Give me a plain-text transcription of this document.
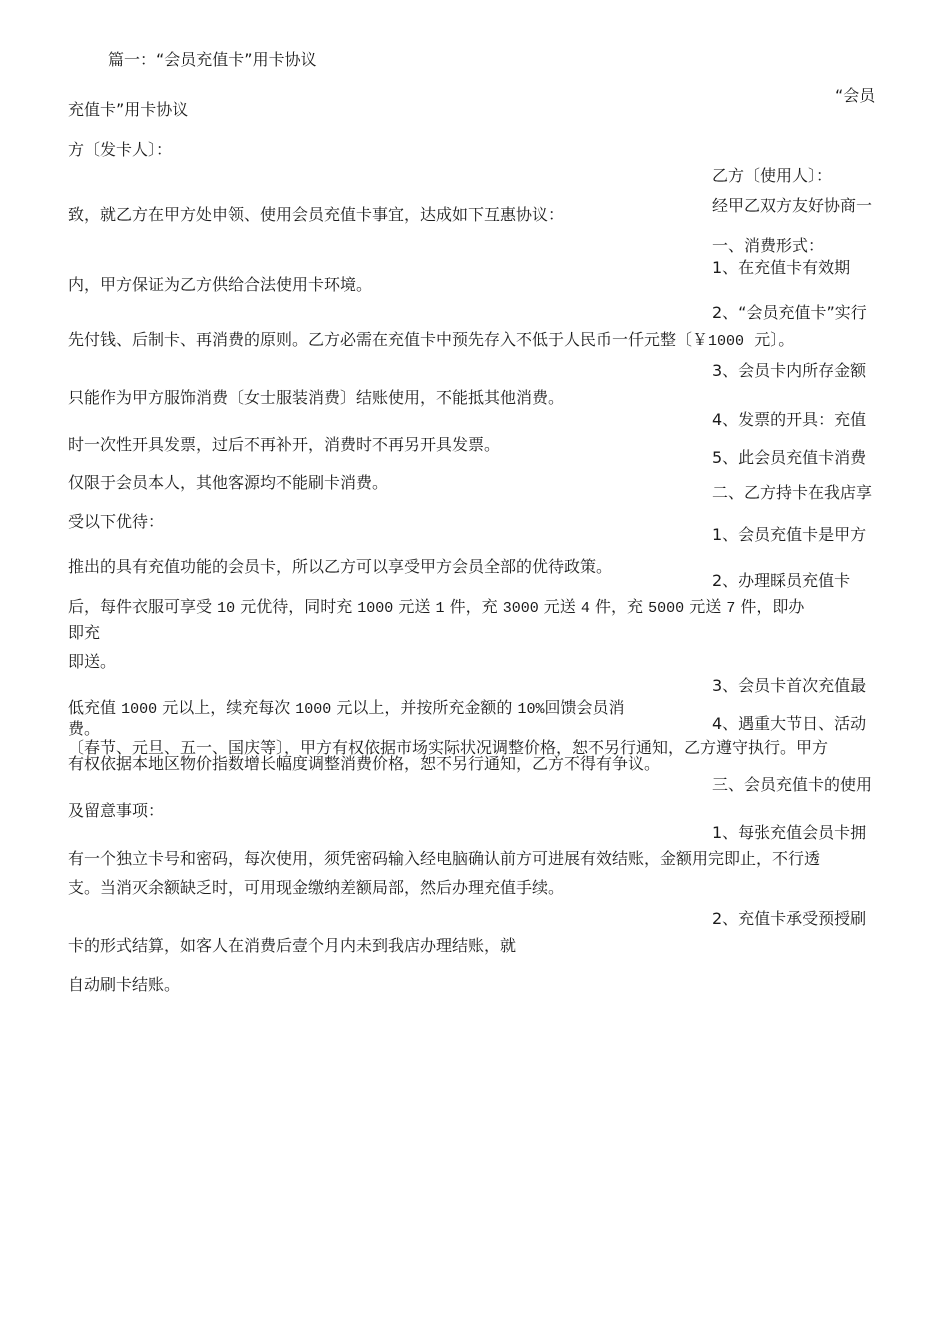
篇一：“会员充值卡”用卡协议
“会员
充值卡”用卡协议
方〔发卡人〕：
乙方〔使用人〕：
经甲乙双方友好协商一
致，就乙方在甲方处申领、使用会员充值卡事宜，达成如下互惠协议：
一、消费形式：
1、在充值卡有效期
内，甲方保证为乙方供给合法使用卡环境。
2、“会员充值卡”实行
先付钱、后制卡、再消费的原则。乙方必需在充值卡中预先存入不低于人民币一仟元整〔￥1000 元〕。
3、会员卡内所存金额
只能作为甲方服饰消费〔女士服装消费〕结账使用，不能抵其他消费。
4、发票的开具：充值
时一次性开具发票，过后不再补开，消费时不再另开具发票。
5、此会员充值卡消费
仅限于会员本人，其他客源均不能刷卡消费。
二、乙方持卡在我店享
受以下优待：
1、会员充值卡是甲方
推出的具有充值功能的会员卡，所以乙方可以享受甲方会员全部的优待政策。
2、办理睬员充值卡
后，每件衣服可享受 10 元优待，同时充 1000 元送 1 件，充 3000 元送 4 件，充 5000 元送 7 件，即办
即充
即送。
3、会员卡首次充值最
低充值 1000 元以上，续充每次 1000 元以上，并按所充金额的 10%回馈会员消
费。	4、遇重大节日、活动
〔春节、元旦、五一、国庆等〕，甲方有权依据市场实际状况调整价格，恕不另行通知，乙方遵守执行。甲方
有权依据本地区物价指数增长幅度调整消费价格，恕不另行通知，乙方不得有争议。
三、会员充值卡的使用
及留意事项：
1、每张充值会员卡拥
有一个独立卡号和密码，每次使用，须凭密码输入经电脑确认前方可进展有效结账，金额用完即止，不行透
支。当消灭余额缺乏时，可用现金缴纳差额局部，然后办理充值手续。
2、充值卡承受预授刷
卡的形式结算，如客人在消费后壹个月内未到我店办理结账，就
自动刷卡结账。
